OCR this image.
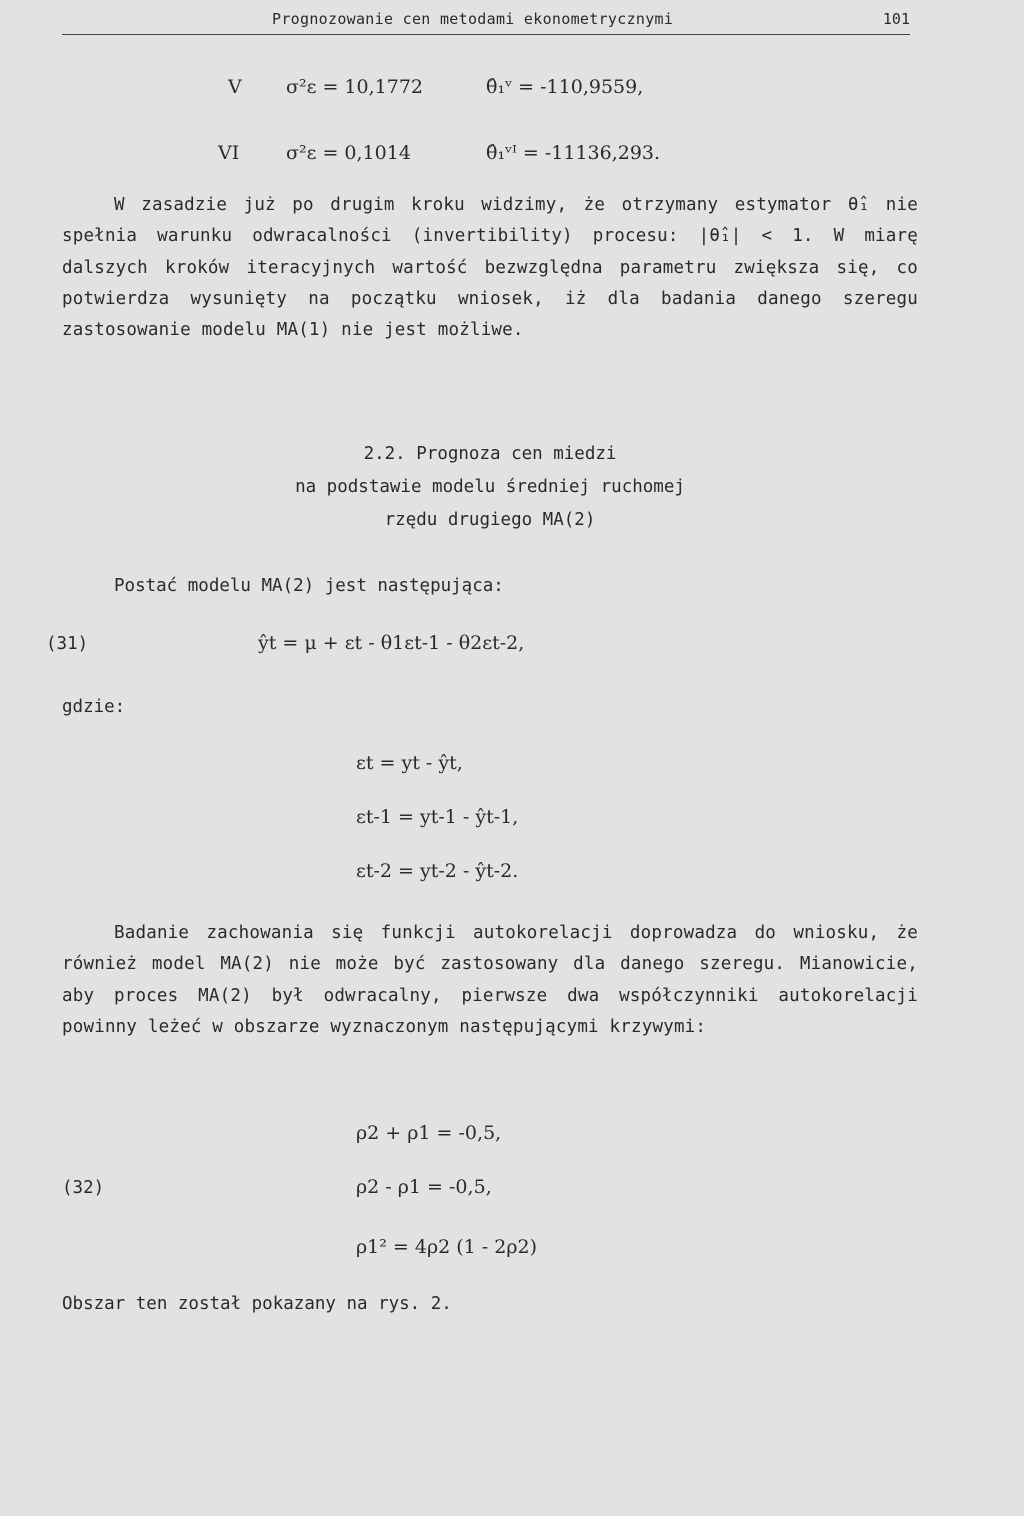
Prognozowanie cen metodami ekonometrycznymi	101
V σ²ε = 10,1772	θ̂₁ᵛ = -110,9559,
VI σ²ε = 0,1014	θ̂₁ᵛᴵ = -11136,293.
W zasadzie już po drugim kroku widzimy, że otrzymany estymator θ̂₁ nie spełnia warunku odwracalności (invertibility) procesu: |θ̂₁| < 1. W miarę dalszych kroków iteracyjnych wartość bezwzględna parametru zwiększa się, co potwierdza wysunięty na początku wniosek, iż dla badania danego szeregu zastosowanie modelu MA(1) nie jest możliwe.
2.2. Prognoza cen miedzi
na podstawie modelu średniej ruchomej
rzędu drugiego MA(2)
Postać modelu MA(2) jest następująca:
(31)	ŷt = μ + εt - θ1εt-1 - θ2εt-2,
gdzie:
εt = yt - ŷt,
εt-1 = yt-1 - ŷt-1,
εt-2 = yt-2 - ŷt-2.
Badanie zachowania się funkcji autokorelacji doprowadza do wniosku, że również model MA(2) nie może być zastosowany dla danego szeregu. Mianowicie, aby proces MA(2) był odwracalny, pierwsze dwa współczynniki autokorelacji powinny leżeć w obszarze wyznaczonym następującymi krzywymi:
(32)
ρ2 + ρ1 = -0,5,
ρ2 - ρ1 = -0,5,
ρ1² = 4ρ2 (1 - 2ρ2)
Obszar ten został pokazany na rys. 2.
